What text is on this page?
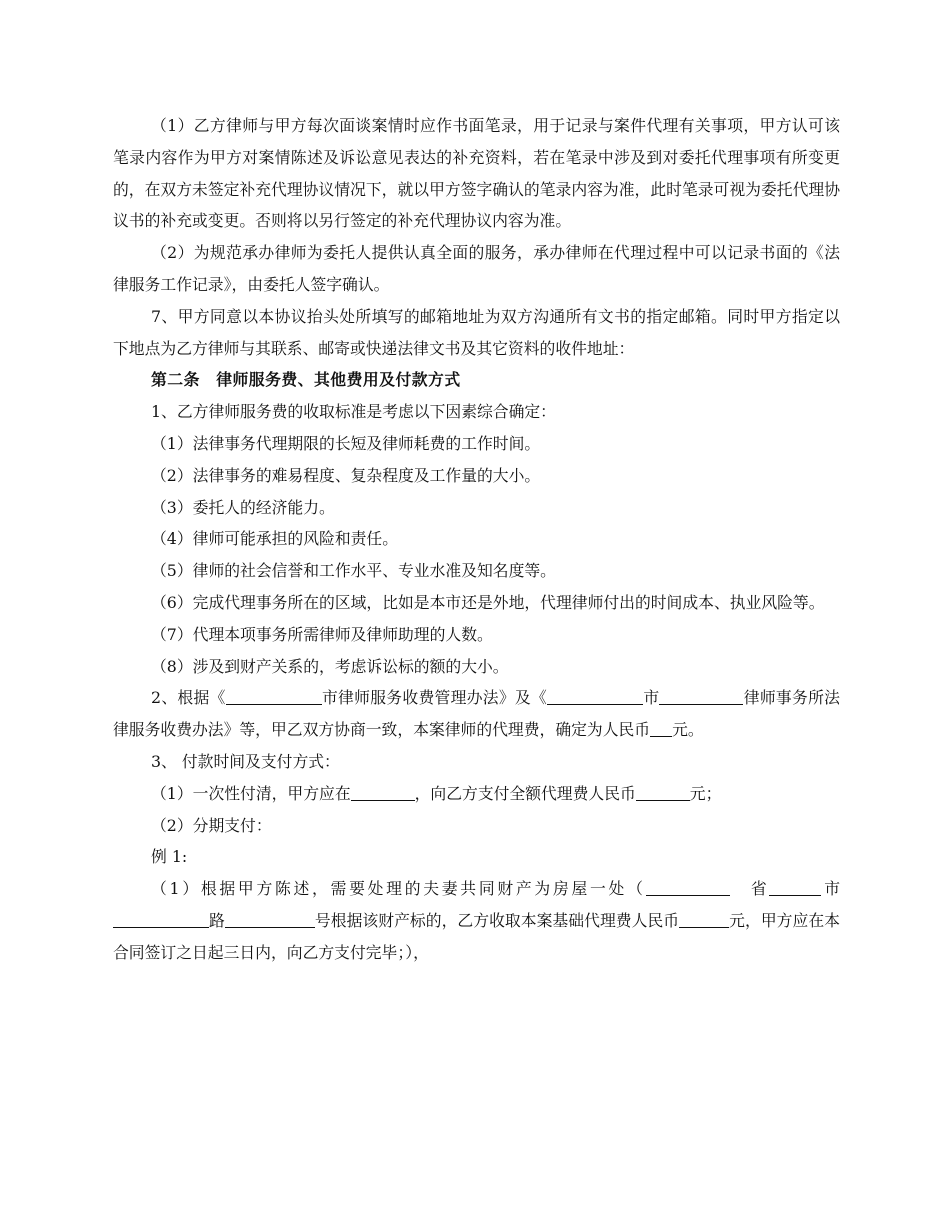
（1）乙方律师与甲方每次面谈案情时应作书面笔录，用于记录与案件代理有关事项，甲方认可该笔录内容作为甲方对案情陈述及诉讼意见表达的补充资料，若在笔录中涉及到对委托代理事项有所变更的，在双方未签定补充代理协议情况下，就以甲方签字确认的笔录内容为准，此时笔录可视为委托代理协议书的补充或变更。否则将以另行签定的补充代理协议内容为准。

（2）为规范承办律师为委托人提供认真全面的服务，承办律师在代理过程中可以记录书面的《法律服务工作记录》，由委托人签字确认。

7、甲方同意以本协议抬头处所填写的邮箱地址为双方沟通所有文书的指定邮箱。同时甲方指定以下地点为乙方律师与其联系、邮寄或快递法律文书及其它资料的收件地址：

第二条　律师服务费、其他费用及付款方式

1、乙方律师服务费的收取标准是考虑以下因素综合确定：

（1）法律事务代理期限的长短及律师耗费的工作时间。

（2）法律事务的难易程度、复杂程度及工作量的大小。

（3）委托人的经济能力。

（4）律师可能承担的风险和责任。

（5）律师的社会信誉和工作水平、专业水准及知名度等。

（6）完成代理事务所在的区域，比如是本市还是外地，代理律师付出的时间成本、执业风险等。

（7）代理本项事务所需律师及律师助理的人数。

（8）涉及到财产关系的，考虑诉讼标的额的大小。

2、根据《	市律师服务收费管理办法》及《	市	律师事务所法律服务收费办法》等，甲乙双方协商一致，本案律师的代理费，确定为人民币 元。

3、 付款时间及支付方式：

（1）一次性付清，甲方应在	，向乙方支付全额代理费人民币	元；

（2）分期支付：

例 1:

（1）根据甲方陈述，需要处理的夫妻共同财产为房屋一处（　	省	市路	号根据该财产标的，乙方收取本案基础代理费人民币	元，甲方应在本合同签订之日起三日内，向乙方支付完毕；），
